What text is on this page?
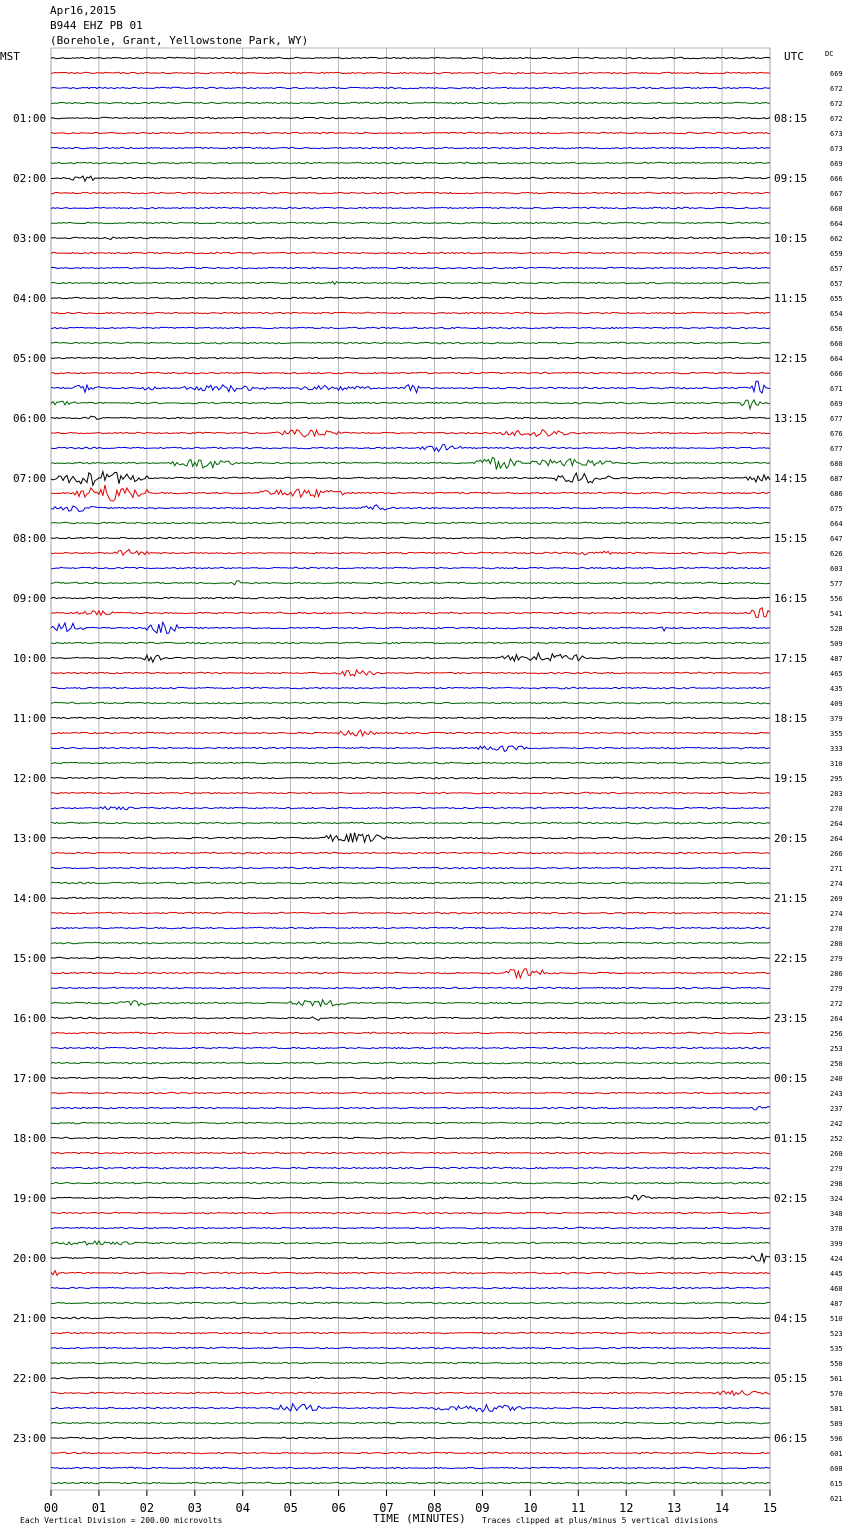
Apr16,2015
B944 EHZ PB 01
(Borehole, Grant, Yellowstone Park, WY)
00	01	02	03	04	05	06	07	08	09	10	11	12	13	14	15
669
672
672
672
673
673
669
666
667
668
664
662
659
657
657
655
654
656
660
664
666
671
669
677
676
677
680
687
686
675
664
647
626
603
577
556
541
528
509
487
465
435
409
379
355
333
310
295
283
270
264
264
266
271
274
269
274
278
280
279
286
279
272
264
256
253
250
240
243
237
242
252
260
279
298
324
348
378
399
424
445
468
487
510
523
535
550
561
570
581
589
596
601
608
615
621
01:00
02:00
03:00
04:00
05:00
06:00
07:00
08:00
09:00
10:00
11:00
12:00
13:00
14:00
15:00
16:00
17:00
18:00
19:00
20:00
21:00
22:00
23:00
08:15
09:15
10:15
11:15
12:15
13:15
14:15
15:15
16:15
17:15
18:15
19:15
20:15
21:15
22:15
23:15
00:15
01:15
02:15
03:15
04:15
05:15
06:15
MST	UTC	DC
Each Vertical Division = 200.00 microvolts	TIME (MINUTES) Traces clipped at plus/minus 5 vertical divisions
